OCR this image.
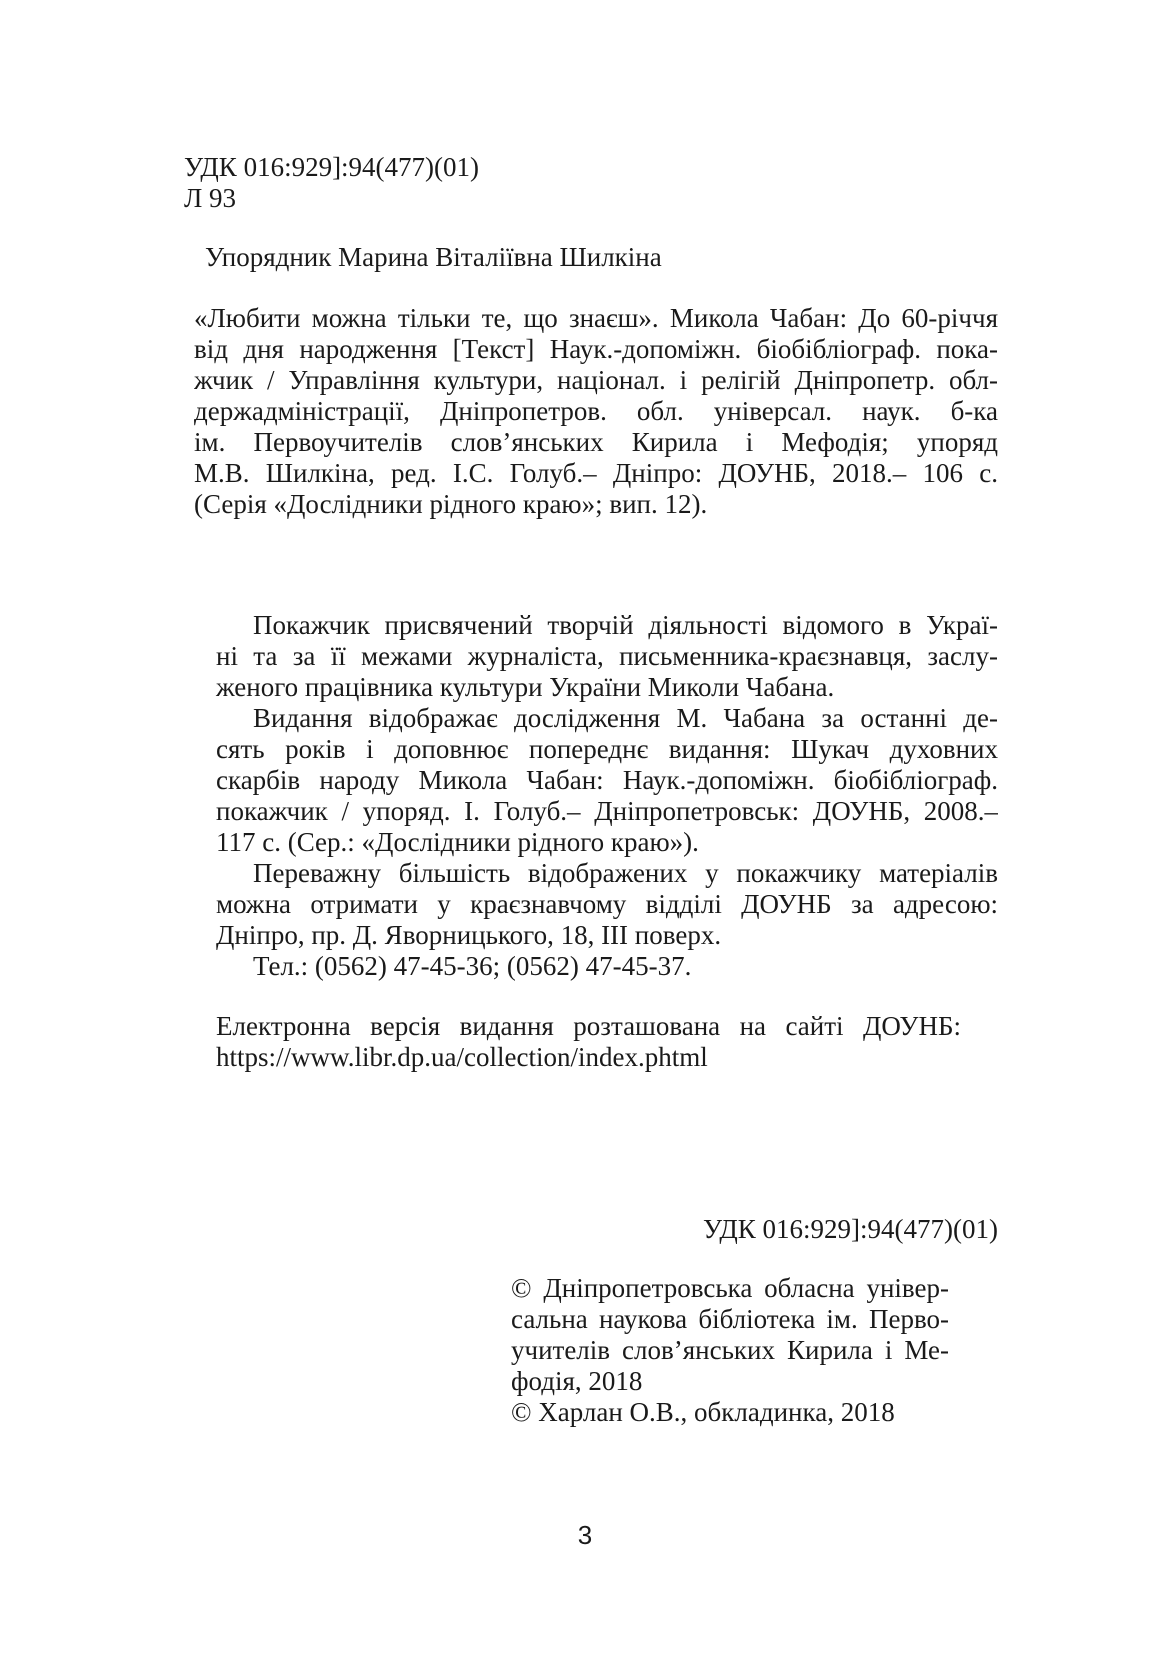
УДК 016:929]:94(477)(01)
Л 93
Упорядник Марина Віталіївна Шилкіна
«Любити можна тільки те, що знаєш». Микола Чабан: До 60-річчя
від дня народження [Текст] Наук.-допоміжн. біобібліограф. пока-
жчик / Управління культури, націонал. і релігій Дніпропетр. обл-
держадміністрації, Дніпропетров. обл. універсал. наук. б-ка
ім. Первоучителів слов’янських Кирила і Мефодія; упоряд
М.В. Шилкіна, ред. І.С. Голуб.– Дніпро: ДОУНБ, 2018.– 106 с.
(Серія «Дослідники рідного краю»; вип. 12).
Покажчик присвячений творчій діяльності відомого в Украї-
ні та за її межами журналіста, письменника-краєзнавця, заслу-
женого працівника культури України Миколи Чабана.
Видання відображає дослідження М. Чабана за останні де-
сять років і доповнює попереднє видання: Шукач духовних
скарбів народу Микола Чабан: Наук.-допоміжн. біобібліограф.
покажчик / упоряд. І. Голуб.– Дніпропетровськ: ДОУНБ, 2008.–
117 с. (Сер.: «Дослідники рідного краю»).
Переважну більшість відображених у покажчику матеріалів
можна отримати у краєзнавчому відділі ДОУНБ за адресою:
Дніпро, пр. Д. Яворницького, 18, ІІІ поверх.
Тел.: (0562) 47-45-36; (0562) 47-45-37.
Електронна версія видання розташована на сайті ДОУНБ:
https://www.libr.dp.ua/collection/index.phtml
УДК 016:929]:94(477)(01)
© Дніпропетровська обласна універ-
сальна наукова бібліотека ім. Перво-
учителів слов’янських Кирила і Ме-
фодія, 2018
© Харлан О.В., обкладинка, 2018
3
